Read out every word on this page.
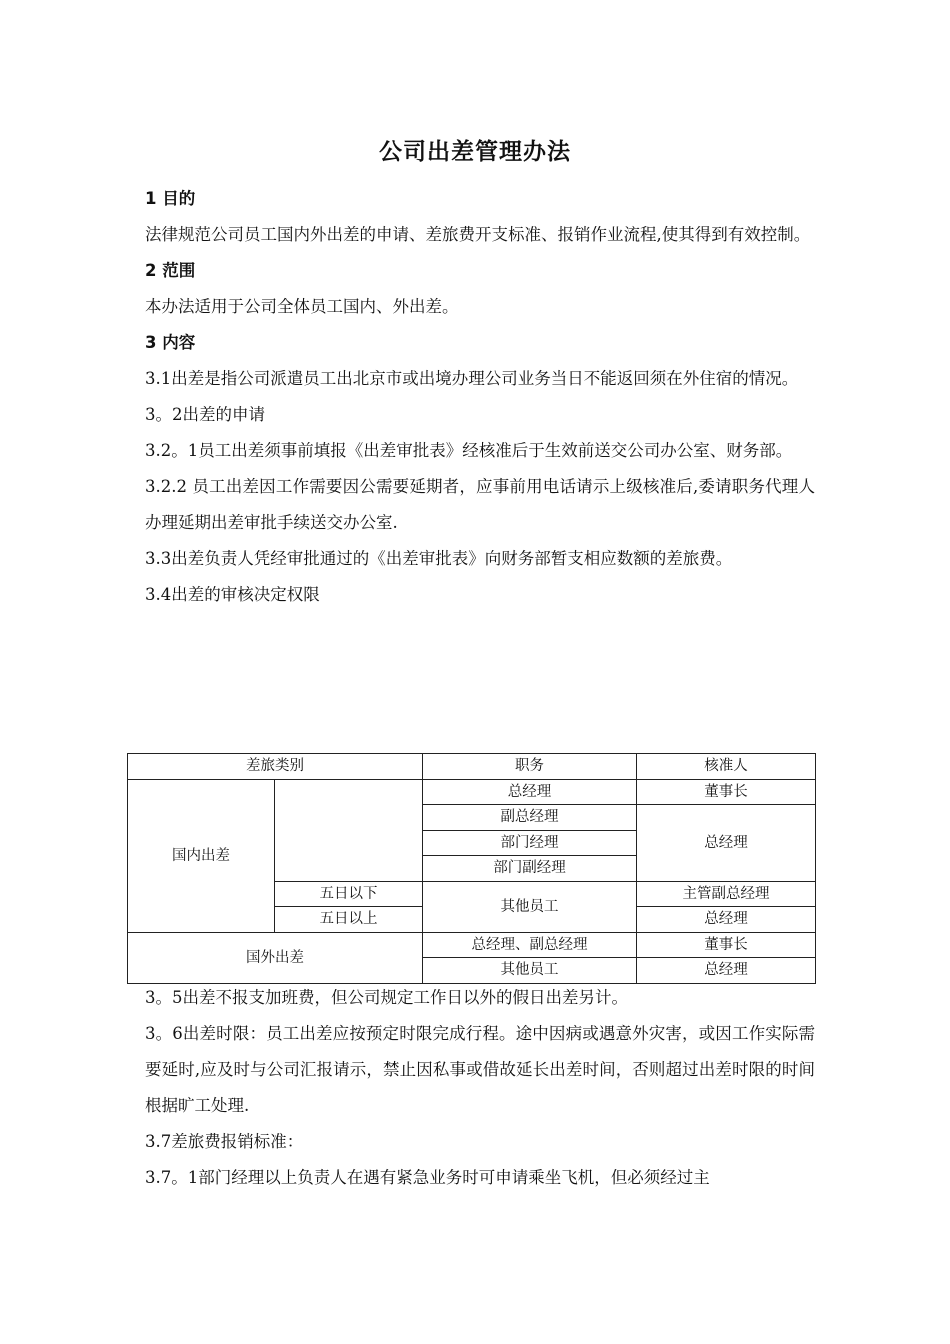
公司出差管理办法
1 目的

法律规范公司员工国内外出差的申请、差旅费开支标准、报销作业流程,使其得到有效控制。

2 范围

本办法适用于公司全体员工国内、外出差。

3 内容

3.1出差是指公司派遣员工出北京市或出境办理公司业务当日不能返回须在外住宿的情况。

3。2出差的申请

3.2。1员工出差须事前填报《出差审批表》经核准后于生效前送交公司办公室、财务部。

3.2.2 员工出差因工作需要因公需要延期者，应事前用电话请示上级核准后,委请职务代理人办理延期出差审批手续送交办公室.

3.3出差负责人凭经审批通过的《出差审批表》向财务部暂支相应数额的差旅费。

3.4出差的审核决定权限

差旅类别		职务	核准人
国内出差		总经理	董事长
		副总经理	总经理
		部门经理	
		部门副经理	
	五日以下	其他员工	主管副总经理
	五日以上		总经理
国外出差		总经理、副总经理	董事长
		其他员工	总经理

3。5出差不报支加班费，但公司规定工作日以外的假日出差另计。

3。6出差时限：员工出差应按预定时限完成行程。途中因病或遇意外灾害，或因工作实际需要延时,应及时与公司汇报请示，禁止因私事或借故延长出差时间，否则超过出差时限的时间根据旷工处理.

3.7差旅费报销标准：

3.7。1部门经理以上负责人在遇有紧急业务时可申请乘坐飞机，但必须经过主
